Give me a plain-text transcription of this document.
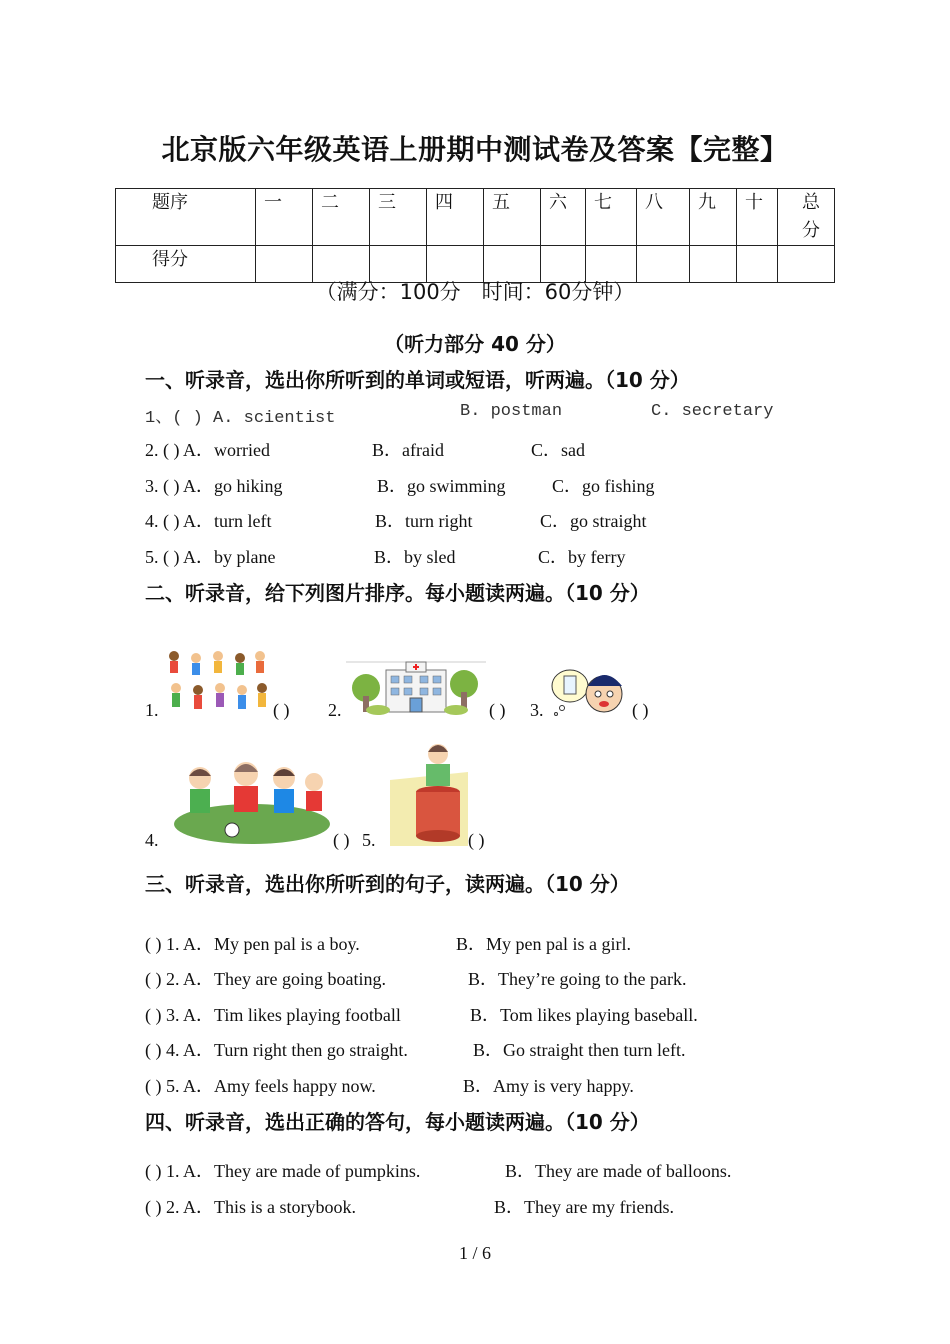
北京版六年级英语上册期中测试卷及答案【完整】
题序	一	二	三	四	五	六	七	八	九	十	总分
得分											
（满分：100分　时间：60分钟）
（听力部分 40 分）
一、听录音，选出你所听到的单词或短语，听两遍。（10 分）
1、( ) A. scientist	B. postman	C. secretary
2. ( ) A．worried	B．afraid	C．sad
3. ( ) A．go hiking	B．go swimming	C．go fishing
4. ( ) A．turn left	B．turn right	C．go straight
5. ( ) A．by plane	B．by sled	C．by ferry
二、听录音，给下列图片排序。每小题读两遍。（10 分）
1.	( ) 2.	( ) 3.	( )
4.	( ) 5.	( )
三、听录音，选出你所听到的句子，读两遍。（10 分）
( ) 1. A．My pen pal is a boy.	B．My pen pal is a girl.
( ) 2. A．They are going boating.	B．They’re going to the park.
( ) 3. A．Tim likes playing football	B．Tom likes playing baseball.
( ) 4. A．Turn right then go straight.	B．Go straight then turn left.
( ) 5. A．Amy feels happy now.	B．Amy is very happy.
四、听录音，选出正确的答句，每小题读两遍。（10 分）
( ) 1. A．They are made of pumpkins.	B．They are made of balloons.
( ) 2. A．This is a storybook.	B．They are my friends.
1 / 6
